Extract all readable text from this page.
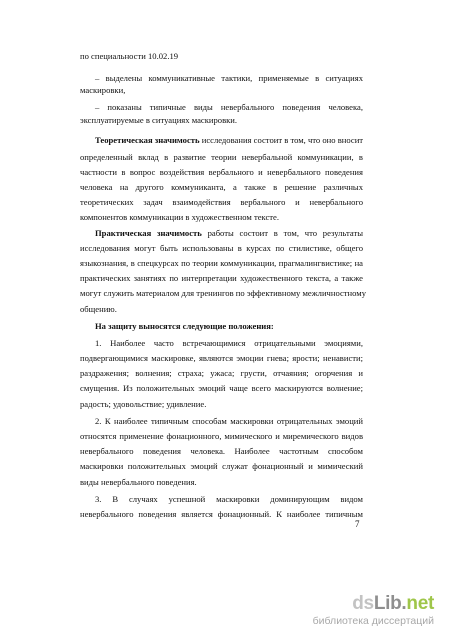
по специальности 10.02.19
– выделены коммуникативные тактики, применяемые в ситуациях
маскировки,
– показаны типичные виды невербального поведения человека,
эксплуатируемые в ситуациях маскировки.
Теоретическая значимость исследования состоит в том, что оно вносит
определенный вклад в развитие теории невербальной коммуникации, в
частности в вопрос воздействия вербального и невербального поведения
человека на другого коммуниканта, а также в решение различных
теоретических задач взаимодействия вербального и невербального
компонентов коммуникации в художественном тексте.
Практическая значимость работы состоит в том, что результаты
исследования могут быть использованы в курсах по стилистике, общего
языкознания, в спецкурсах по теории коммуникации, прагмалингвистике; на
практических занятиях по интерпретации художественного текста, а также
могут служить материалом для тренингов по эффективному межличностному
общению.
На защиту выносятся следующие положения:
1. Наиболее часто встречающимися отрицательными эмоциями,
подвергающимися маскировке, являются эмоции гнева; ярости; ненависти;
раздражения; волнения; страха; ужаса; грусти, отчаяния; огорчения и
смущения. Из положительных эмоций чаще всего маскируются волнение;
радость; удовольствие; удивление.
2. К наиболее типичным способам маскировки отрицательных эмоций
относятся применение фонационного, мимического и миремического видов
невербального поведения человека. Наиболее частотным способом
маскировки положительных эмоций служат фонационный и мимический
виды невербального поведения.
3. В случаях успешной маскировки доминирующим видом
невербального поведения является фонационный. К наиболее типичным
7
dsLib.net
библиотека диссертаций
